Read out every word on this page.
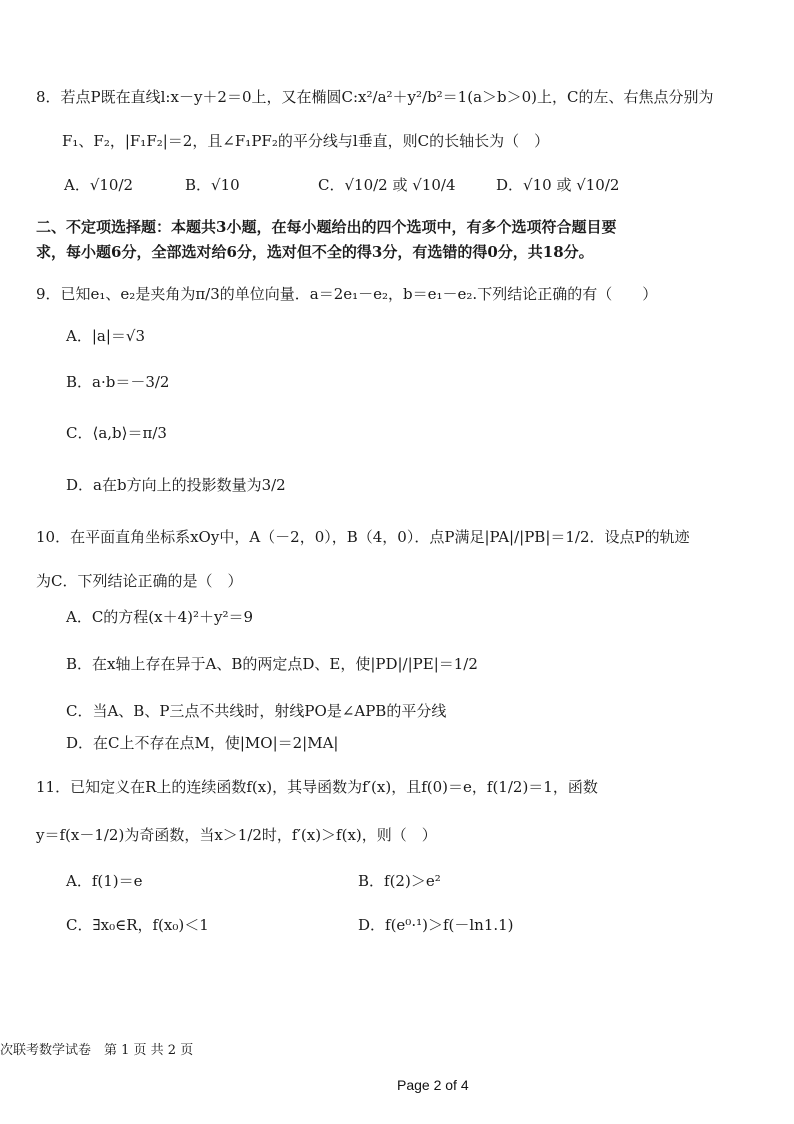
8．若点P既在直线l:x－y＋2＝0上，又在椭圆C:x²/a²＋y²/b²＝1(a＞b＞0)上，C的左、右焦点分别为
F₁、F₂，|F₁F₂|＝2，且∠F₁PF₂的平分线与l垂直，则C的长轴长为（　）
A．√10/2	B．√10	C．√10/2 或 √10/4	D．√10 或 √10/2
二、不定项选择题：本题共3小题，在每小题给出的四个选项中，有多个选项符合题目要
求，每小题6分，全部选对给6分，选对但不全的得3分，有选错的得0分，共18分。
9．已知e₁、e₂是夹角为π/3的单位向量．a＝2e₁－e₂，b＝e₁－e₂.下列结论正确的有（　　）
A．|a|＝√3
B．a·b＝－3/2
C．⟨a,b⟩＝π/3
D．a在b方向上的投影数量为3/2
10．在平面直角坐标系xOy中，A（－2，0），B（4，0）．点P满足|PA|/|PB|＝1/2．设点P的轨迹
为C．下列结论正确的是（　）
A．C的方程(x＋4)²＋y²＝9
B．在x轴上存在异于A、B的两定点D、E，使|PD|/|PE|＝1/2
C．当A、B、P三点不共线时，射线PO是∠APB的平分线
D．在C上不存在点M，使|MO|＝2|MA|
11．已知定义在R上的连续函数f(x)，其导函数为f′(x)，且f(0)＝e，f(1/2)＝1，函数
y＝f(x－1/2)为奇函数，当x＞1/2时，f′(x)＞f(x)，则（　）
A．f(1)＝e	B．f(2)＞e²
C．∃x₀∈R，f(x₀)＜1	D．f(e⁰·¹)＞f(－ln1.1)
次联考数学试卷　第 1 页 共 2 页
Page 2 of 4
